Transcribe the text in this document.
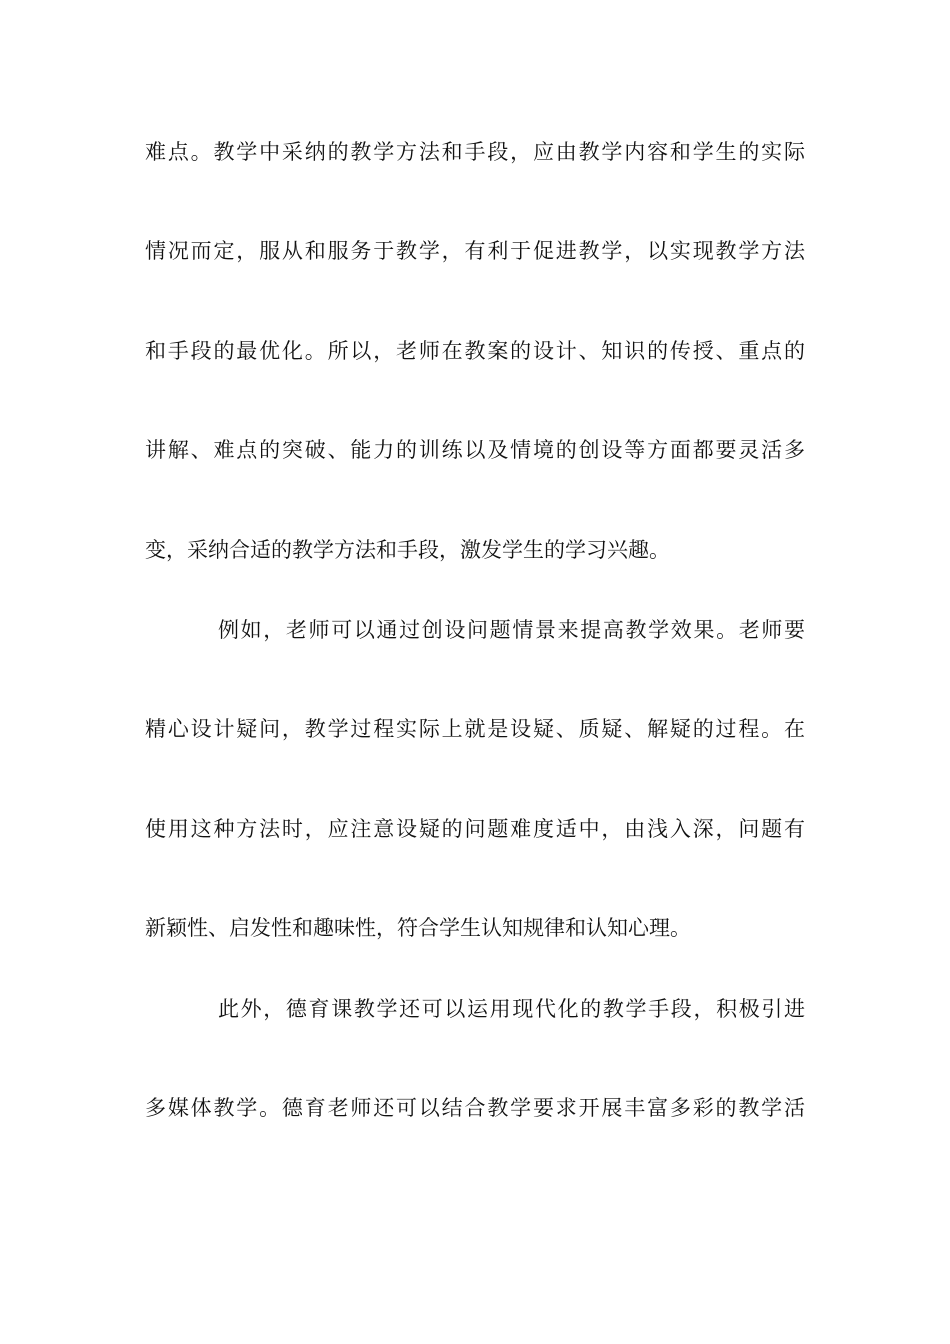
难点。教学中采纳的教学方法和手段，应由教学内容和学生的实际
情况而定，服从和服务于教学，有利于促进教学，以实现教学方法
和手段的最优化。所以，老师在教案的设计、知识的传授、重点的
讲解、难点的突破、能力的训练以及情境的创设等方面都要灵活多
变，采纳合适的教学方法和手段，激发学生的学习兴趣。
例如，老师可以通过创设问题情景来提高教学效果。老师要
精心设计疑问，教学过程实际上就是设疑、质疑、解疑的过程。在
使用这种方法时，应注意设疑的问题难度适中，由浅入深，问题有
新颖性、启发性和趣味性，符合学生认知规律和认知心理。
此外，德育课教学还可以运用现代化的教学手段，积极引进
多媒体教学。德育老师还可以结合教学要求开展丰富多彩的教学活
